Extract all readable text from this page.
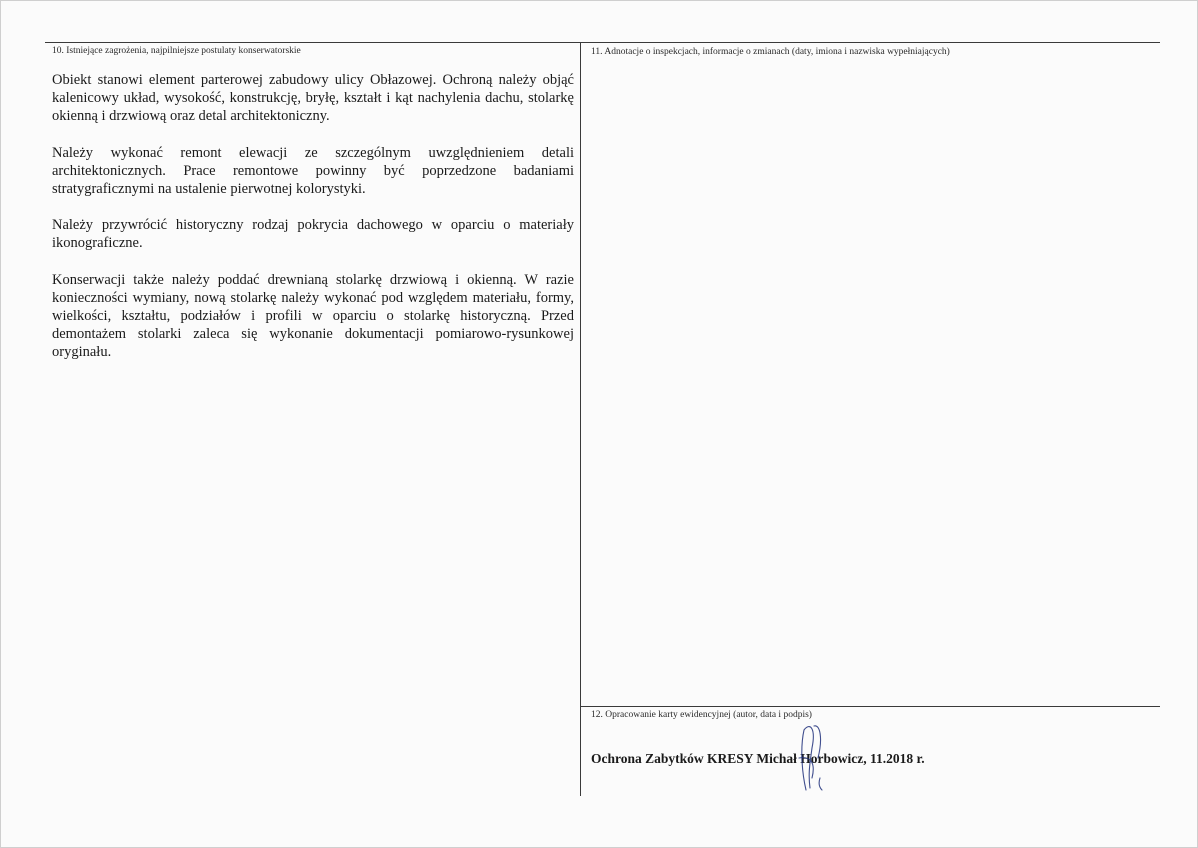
10. Istniejące zagrożenia, najpilniejsze postulaty konserwatorskie

Obiekt stanowi element parterowej zabudowy ulicy Obłazowej. Ochroną należy objąć kalenicowy układ, wysokość, konstrukcję, bryłę, kształt i kąt nachylenia dachu, stolarkę okienną i drzwiową oraz detal architektoniczny.

Należy wykonać remont elewacji ze szczególnym uwzględnieniem detali architektonicznych. Prace remontowe powinny być poprzedzone badaniami stratygraficznymi na ustalenie pierwotnej kolorystyki.

Należy przywrócić historyczny rodzaj pokrycia dachowego w oparciu o materiały ikonograficzne.

Konserwacji także należy poddać drewnianą stolarkę drzwiową i okienną. W razie konieczności wymiany, nową stolarkę należy wykonać pod względem materiału, formy, wielkości, kształtu, podziałów i profili w oparciu o stolarkę historyczną. Przed demontażem stolarki zaleca się wykonanie dokumentacji pomiarowo-rysunkowej oryginału.

11. Adnotacje o inspekcjach, informacje o zmianach (daty, imiona i nazwiska wypełniających)
12. Opracowanie karty ewidencyjnej (autor, data i podpis)
Ochrona Zabytków KRESY Michał Horbowicz, 11.2018 r.
